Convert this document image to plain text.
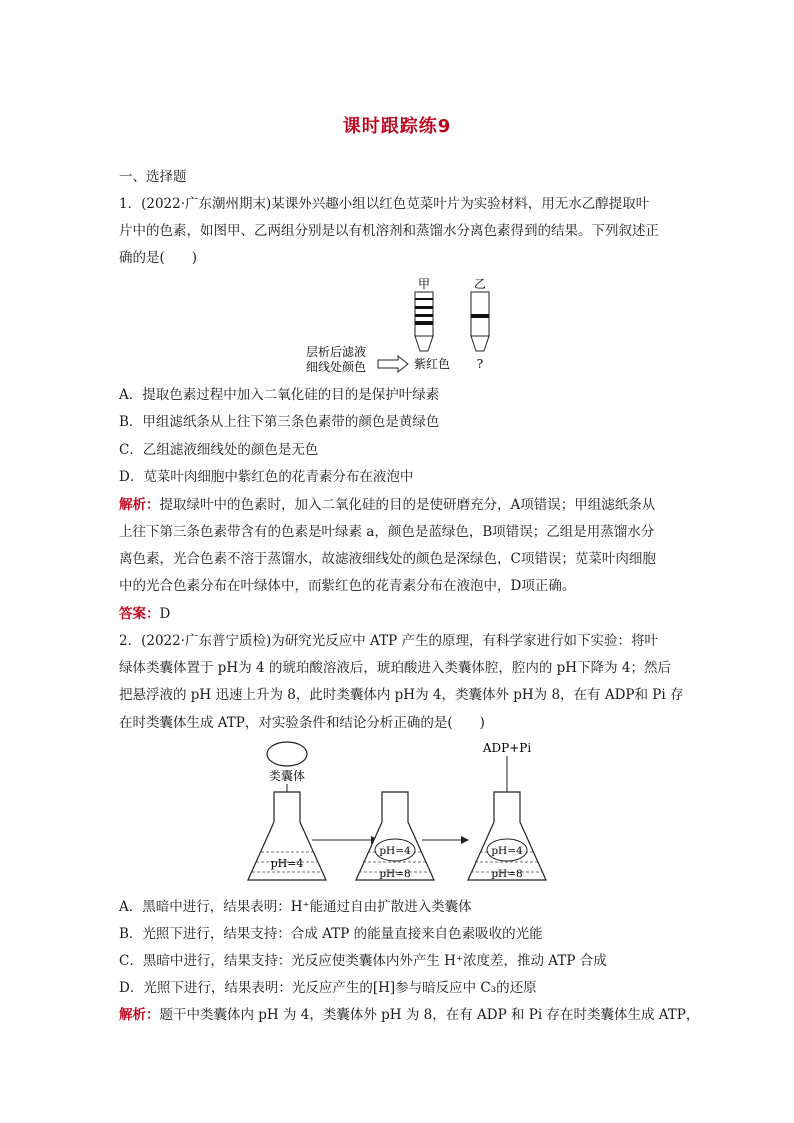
课时跟踪练9
一、选择题
1．(2022·广东潮州期末)某课外兴趣小组以红色苋菜叶片为实验材料，用无水乙醇提取叶
片中的色素，如图甲、乙两组分别是以有机溶剂和蒸馏水分离色素得到的结果。下列叙述正
确的是(　　)
甲	乙
层析后滤液
细线处颜色	紫红色 ?
A．提取色素过程中加入二氧化硅的目的是保护叶绿素
B．甲组滤纸条从上往下第三条色素带的颜色是黄绿色
C．乙组滤液细线处的颜色是无色
D．苋菜叶肉细胞中紫红色的花青素分布在液泡中
解析：提取绿叶中的色素时，加入二氧化硅的目的是使研磨充分，A项错误；甲组滤纸条从
上往下第三条色素带含有的色素是叶绿素 a，颜色是蓝绿色，B项错误；乙组是用蒸馏水分
离色素，光合色素不溶于蒸馏水，故滤液细线处的颜色是深绿色，C项错误；苋菜叶肉细胞
中的光合色素分布在叶绿体中，而紫红色的花青素分布在液泡中，D项正确。
答案：D
2．(2022·广东普宁质检)为研究光反应中 ATP 产生的原理，有科学家进行如下实验：将叶
绿体类囊体置于 pH为 4 的琥珀酸溶液后，琥珀酸进入类囊体腔，腔内的 pH下降为 4；然后
把悬浮液的 pH 迅速上升为 8，此时类囊体内 pH为 4，类囊体外 pH为 8，在有 ADP和 Pi 存
在时类囊体生成 ATP，对实验条件和结论分析正确的是(　　)
类囊体
pH=4
pH=4
pH=8
ADP+Pi
pH=4
pH=8
A．黑暗中进行，结果表明：H⁺能通过自由扩散进入类囊体
B．光照下进行，结果支持：合成 ATP 的能量直接来自色素吸收的光能
C．黑暗中进行，结果支持：光反应使类囊体内外产生 H⁺浓度差，推动 ATP 合成
D．光照下进行，结果表明：光反应产生的[H]参与暗反应中 C₃的还原
解析：题干中类囊体内 pH 为 4，类囊体外 pH 为 8，在有 ADP 和 Pi 存在时类囊体生成 ATP，
